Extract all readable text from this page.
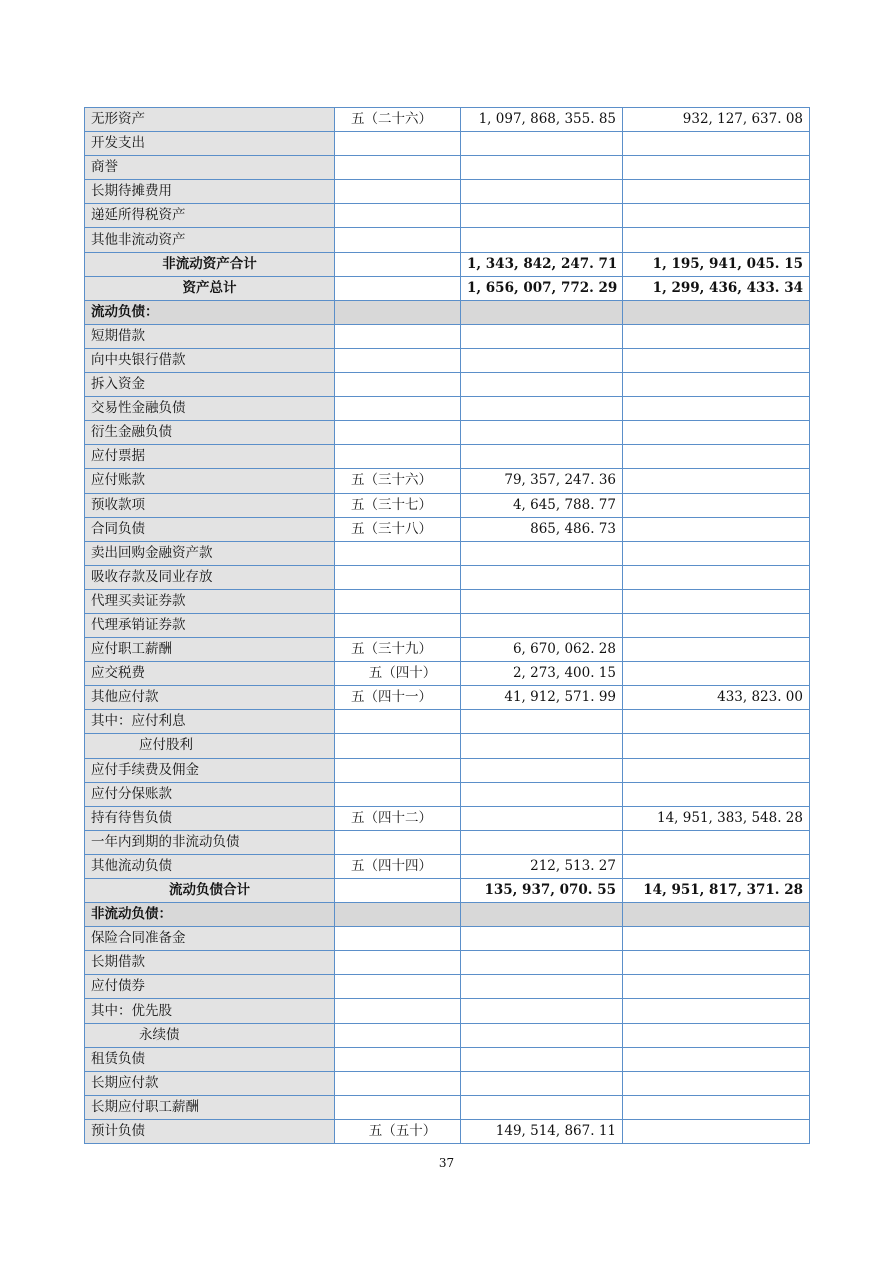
无形资产	五（二十六）	1, 097, 868, 355. 85	932, 127, 637. 08
开发支出			
商誉			
长期待摊费用			
递延所得税资产			
其他非流动资产			
非流动资产合计		1, 343, 842, 247. 71	1, 195, 941, 045. 15
资产总计		1, 656, 007, 772. 29	1, 299, 436, 433. 34
流动负债：			
短期借款			
向中央银行借款			
拆入资金			
交易性金融负债			
衍生金融负债			
应付票据			
应付账款	五（三十六）	79, 357, 247. 36	
预收款项	五（三十七）	4, 645, 788. 77	
合同负债	五（三十八）	865, 486. 73	
卖出回购金融资产款			
吸收存款及同业存放			
代理买卖证券款			
代理承销证券款			
应付职工薪酬	五（三十九）	6, 670, 062. 28	
应交税费	五（四十）	2, 273, 400. 15	
其他应付款	五（四十一）	41, 912, 571. 99	433, 823. 00
其中：应付利息			
应付股利			
应付手续费及佣金			
应付分保账款			
持有待售负债	五（四十二）		14, 951, 383, 548. 28
一年内到期的非流动负债			
其他流动负债	五（四十四）	212, 513. 27	
流动负债合计		135, 937, 070. 55	14, 951, 817, 371. 28
非流动负债：			
保险合同准备金			
长期借款			
应付债券			
其中：优先股			
永续债			
租赁负债			
长期应付款			
长期应付职工薪酬			
预计负债	五（五十）	149, 514, 867. 11	
37
